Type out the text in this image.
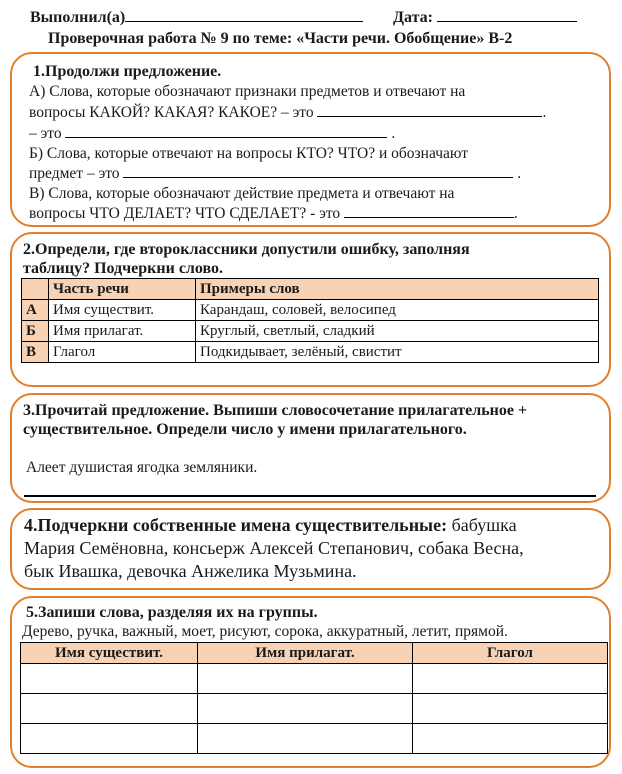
Выполнил(а)	Дата:
Проверочная работа № 9 по теме: «Части речи. Обобщение» В-2
1.Продолжи предложение.
А) Слова, которые обозначают признаки предметов и отвечают на
вопросы КАКОЙ? КАКАЯ? КАКОЕ? – это	.
– это	.
Б) Слова, которые отвечают на вопросы КТО? ЧТО? и обозначают
предмет – это	.
В) Слова, которые обозначают действие предмета и отвечают на
вопросы ЧТО ДЕЛАЕТ? ЧТО СДЕЛАЕТ? - это	.
2.Определи, где второклассники допустили ошибку, заполняя
таблицу? Подчеркни слово.
	Часть речи	Примеры слов
А	Имя существит.	Карандаш, соловей, велосипед
Б	Имя прилагат.	Круглый, светлый, сладкий
В	Глагол	Подкидывает, зелёный, свистит
3.Прочитай предложение. Выпиши словосочетание прилагательное +
существительное. Определи число у имени прилагательного.
Алеет душистая ягодка земляники.
4.Подчеркни собственные имена существительные: бабушка
Мария Семёновна, консьерж Алексей Степанович, собака Весна,
бык Ивашка, девочка Анжелика Музьмина.
5.Запиши слова, разделяя их на группы.
Дерево, ручка, важный, моет, рисуют, сорока, аккуратный, летит, прямой.
Имя существит.	Имя прилагат.	Глагол
